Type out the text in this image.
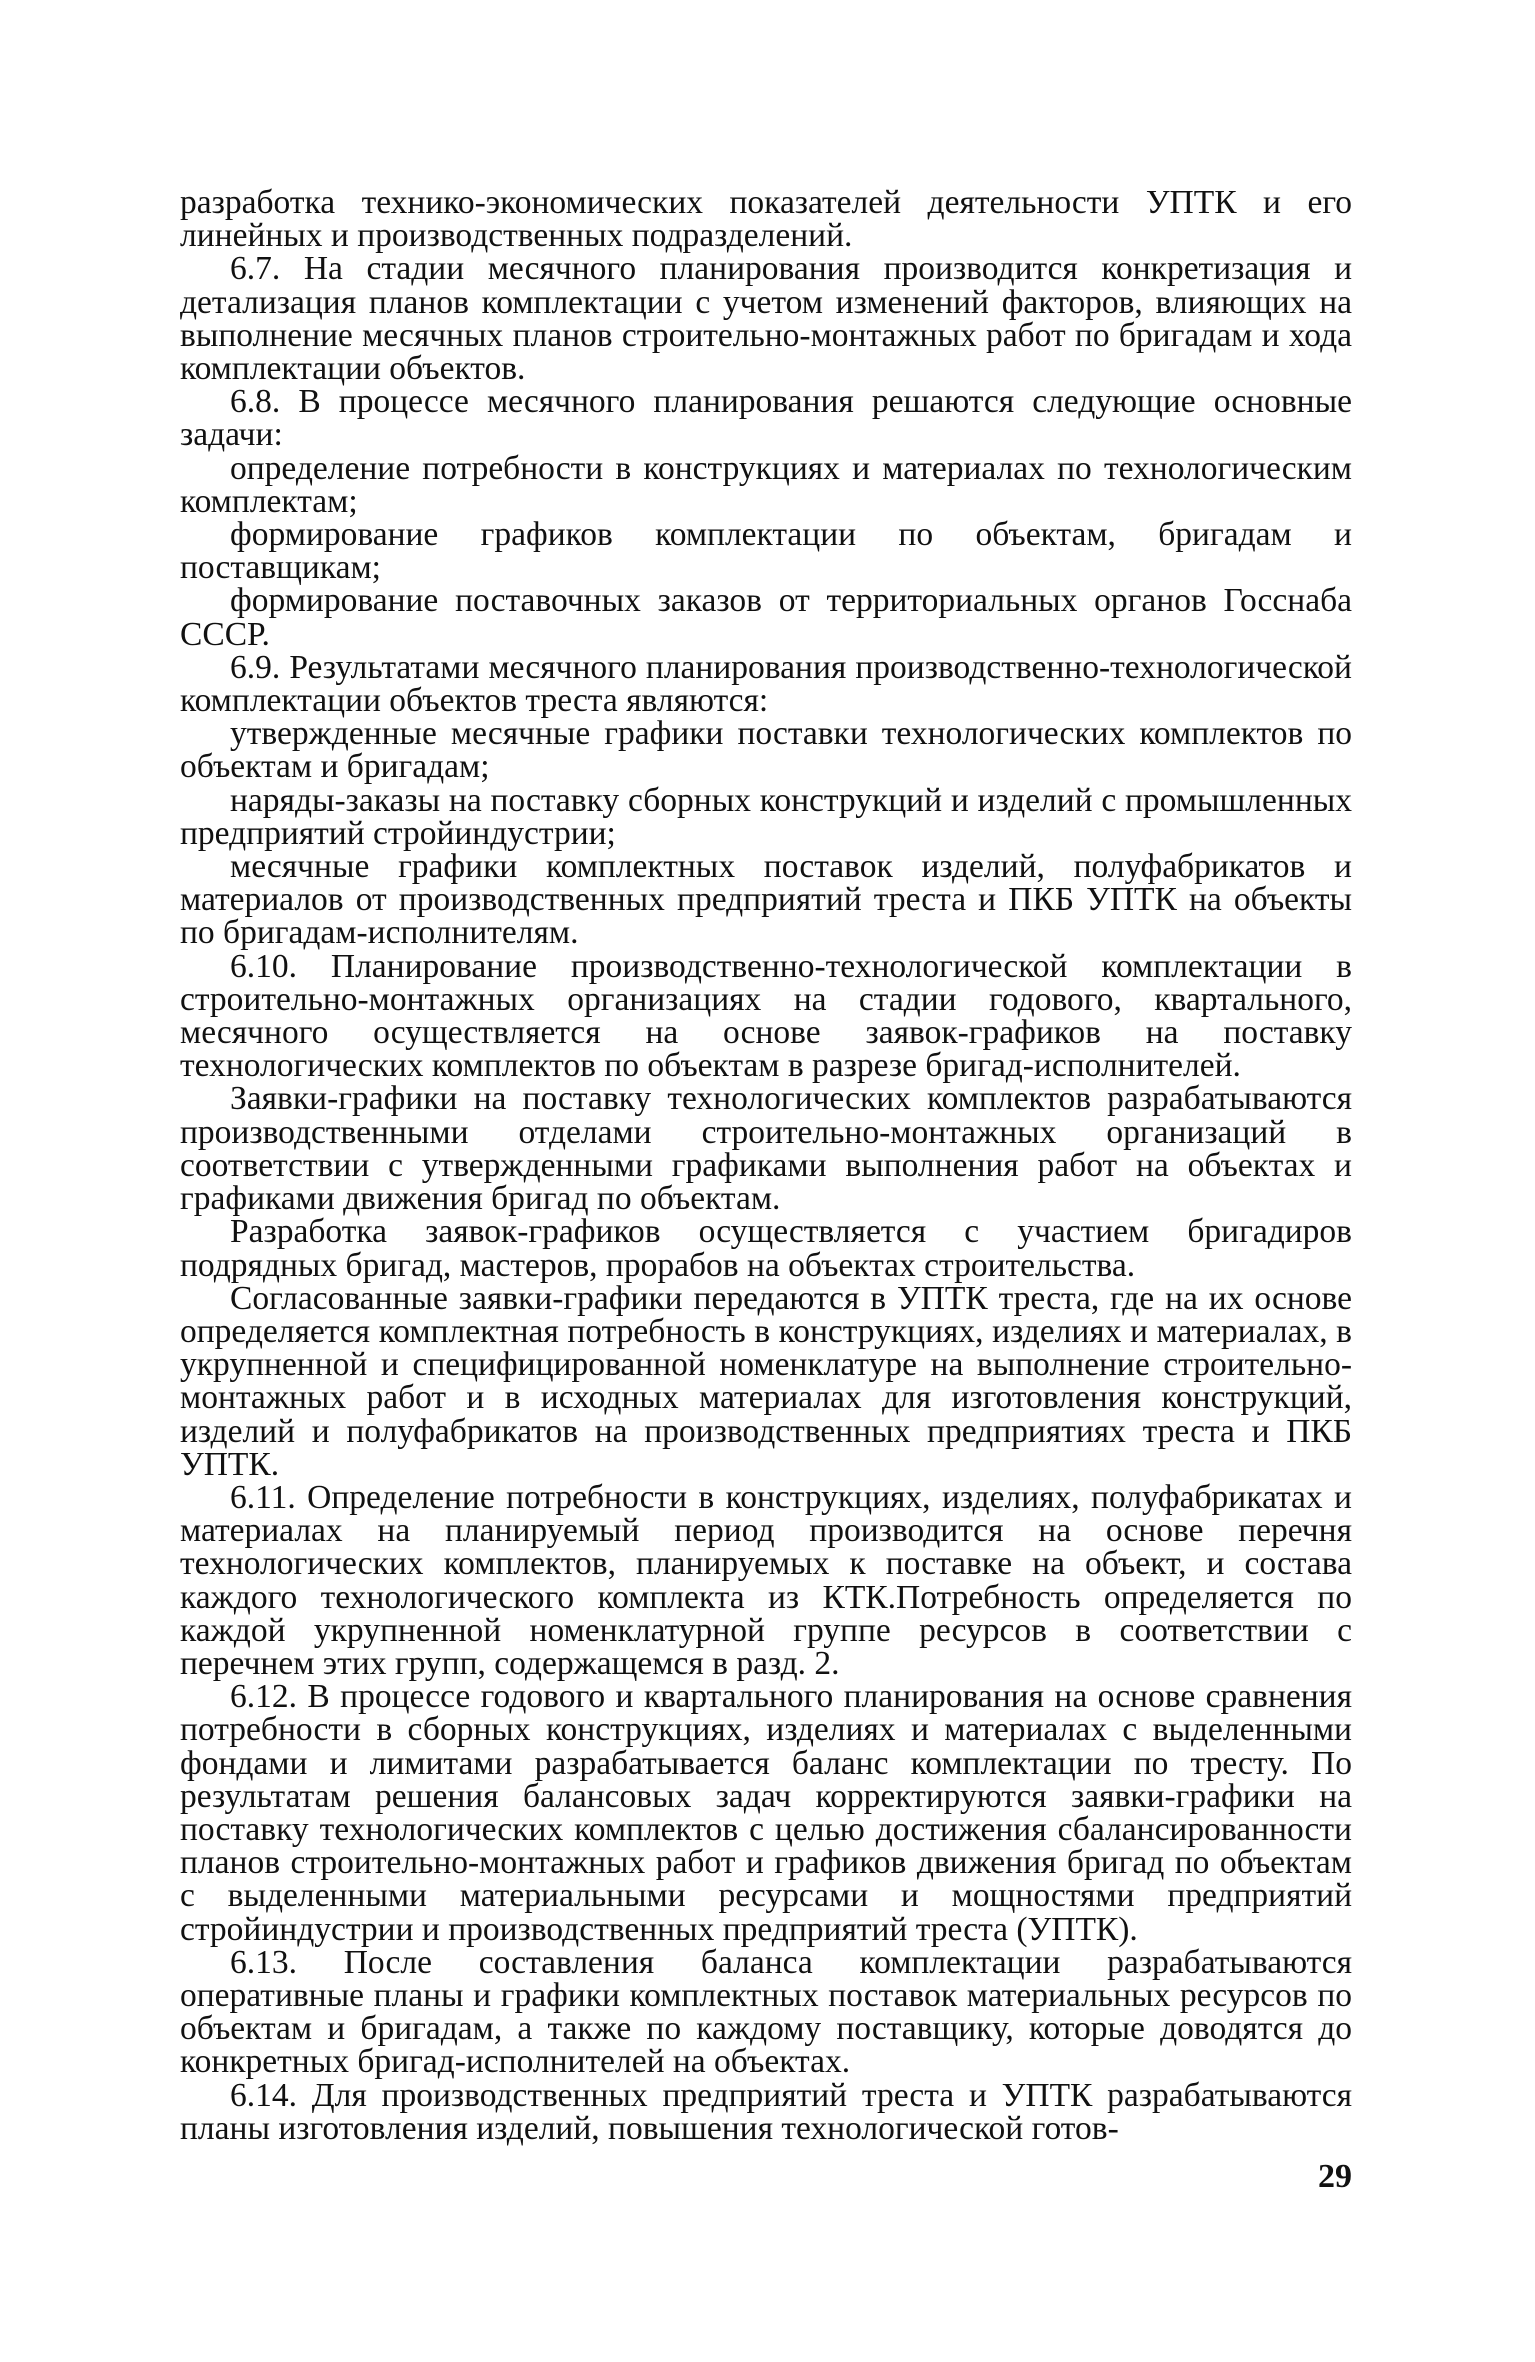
разработка технико-экономических показателей деятельности УПТК и его линейных и производственных подразделений.

6.7. На стадии месячного планирования производится конкретизация и детализация планов комплектации с учетом изменений факторов, влияющих на выполнение месячных планов строительно-монтажных работ по бригадам и хода комплектации объектов.

6.8. В процессе месячного планирования решаются следующие основные задачи:

определение потребности в конструкциях и материалах по технологическим комплектам;

формирование графиков комплектации по объектам, бригадам и поставщикам;

формирование поставочных заказов от территориальных органов Госснаба СССР.

6.9. Результатами месячного планирования производственно-технологической комплектации объектов треста являются:

утвержденные месячные графики поставки технологических комплектов по объектам и бригадам;

наряды-заказы на поставку сборных конструкций и изделий с промышленных предприятий стройиндустрии;

месячные графики комплектных поставок изделий, полуфабрикатов и материалов от производственных предприятий треста и ПКБ УПТК на объекты по бригадам-исполнителям.

6.10. Планирование производственно-технологической комплектации в строительно-монтажных организациях на стадии годового, квартального, месячного осуществляется на основе заявок-графиков на поставку технологических комплектов по объектам в разрезе бригад-исполнителей.

Заявки-графики на поставку технологических комплектов разрабатываются производственными отделами строительно-монтажных организаций в соответствии с утвержденными графиками выполнения работ на объектах и графиками движения бригад по объектам.

Разработка заявок-графиков осуществляется с участием бригадиров подрядных бригад, мастеров, прорабов на объектах строительства.

Согласованные заявки-графики передаются в УПТК треста, где на их основе определяется комплектная потребность в конструкциях, изделиях и материалах, в укрупненной и специфицированной номенклатуре на выполнение строительно-монтажных работ и в исходных материалах для изготовления конструкций, изделий и полуфабрикатов на производственных предприятиях треста и ПКБ УПТК.

6.11. Определение потребности в конструкциях, изделиях, полуфабрикатах и материалах на планируемый период производится на основе перечня технологических комплектов, планируемых к поставке на объект, и состава каждого технологического комплекта из КТК.Потребность определяется по каждой укрупненной номенклатурной группе ресурсов в соответствии с перечнем этих групп, содержащемся в разд. 2.

6.12. В процессе годового и квартального планирования на основе сравнения потребности в сборных конструкциях, изделиях и материалах с выделенными фондами и лимитами разрабатывается баланс комплектации по тресту. По результатам решения балансовых задач корректируются заявки-графики на поставку технологических комплектов с целью достижения сбалансированности планов строительно-монтажных работ и графиков движения бригад по объектам с выделенными материальными ресурсами и мощностями предприятий стройиндустрии и производственных предприятий треста (УПТК).

6.13. После составления баланса комплектации разрабатываются оперативные планы и графики комплектных поставок материальных ресурсов по объектам и бригадам, а также по каждому поставщику, которые доводятся до конкретных бригад-исполнителей на объектах.

6.14. Для производственных предприятий треста и УПТК разрабатываются планы изготовления изделий, повышения технологической готов-

29
